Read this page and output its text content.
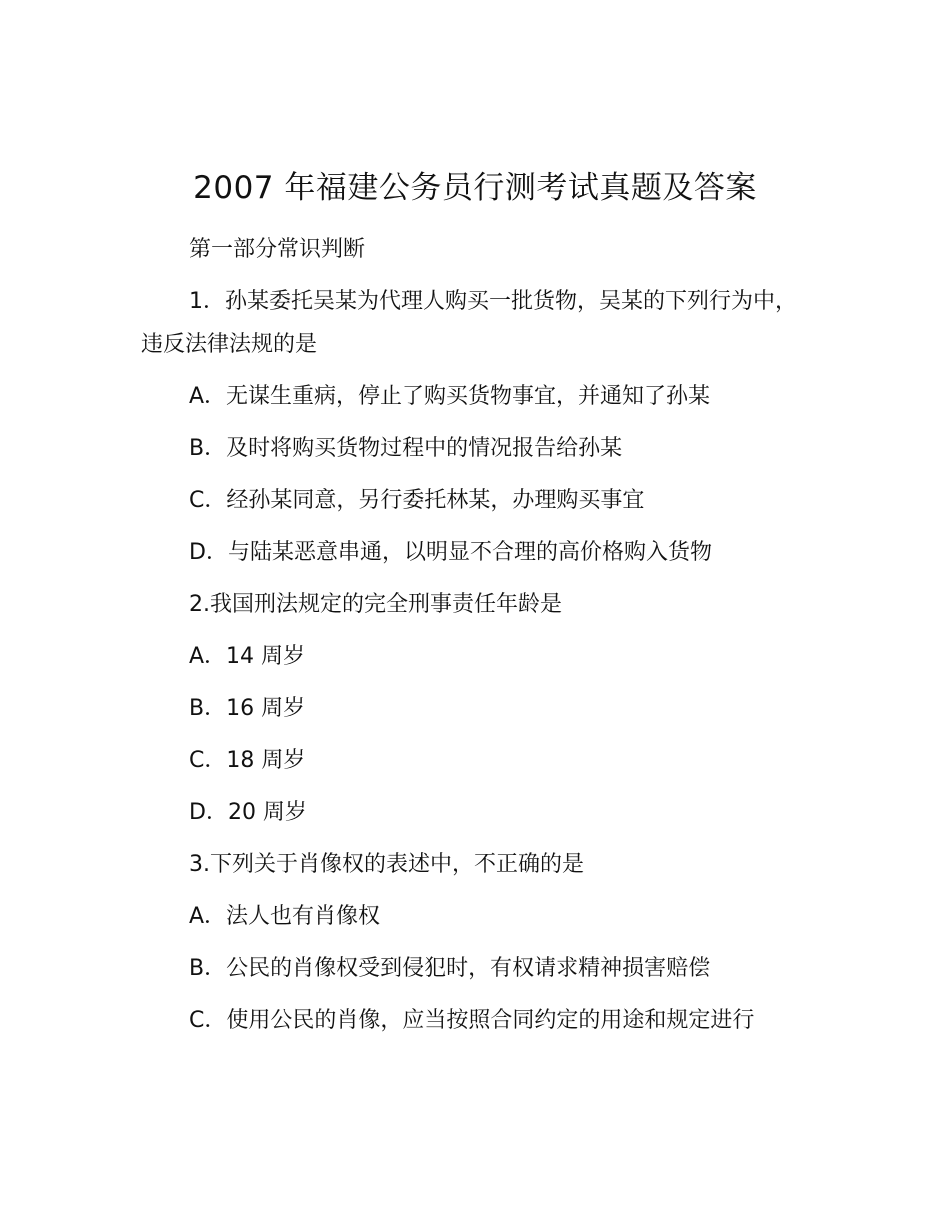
2007 年福建公务员行测考试真题及答案

第一部分常识判断

1．孙某委托吴某为代理人购买一批货物，吴某的下列行为中，违反法律法规的是

A．无谋生重病，停止了购买货物事宜，并通知了孙某

B．及时将购买货物过程中的情况报告给孙某

C．经孙某同意，另行委托林某，办理购买事宜

D．与陆某恶意串通，以明显不合理的高价格购入货物

2.我国刑法规定的完全刑事责任年龄是

A．14 周岁

B．16 周岁

C．18 周岁

D．20 周岁

3.下列关于肖像权的表述中，不正确的是

A．法人也有肖像权

B．公民的肖像权受到侵犯时，有权请求精神损害赔偿

C．使用公民的肖像，应当按照合同约定的用途和规定进行
